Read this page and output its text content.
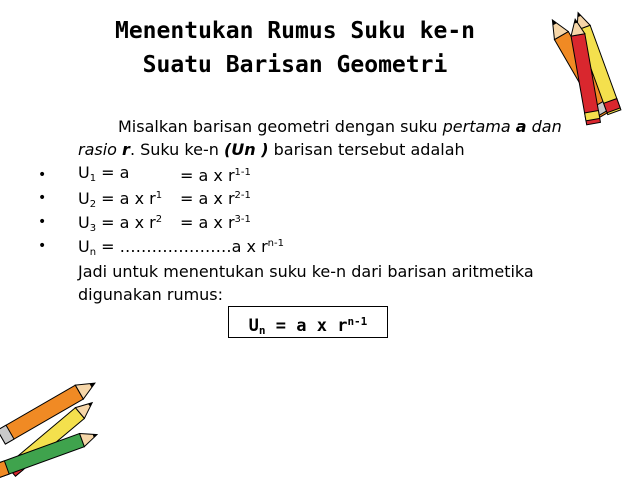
Menentukan Rumus Suku ke-n
Suatu Barisan Geometri
Misalkan barisan geometri dengan suku pertama a dan
rasio r. Suku ke-n (Un ) barisan tersebut adalah
• $U_1 = a$	= a x $r^{1-1}$
• $U_2 = a$ x $r^1 = a$ x $r^{2-1}$
• $U_3 = a$ x $r^2 = a$ x $r^{3-1}$
• $U_n$ = …………………a x $r^{n-1}$
Jadi untuk menentukan suku ke-n dari barisan aritmetika
digunakan rumus:
$U_n = a$ x $r^{n-1}$
